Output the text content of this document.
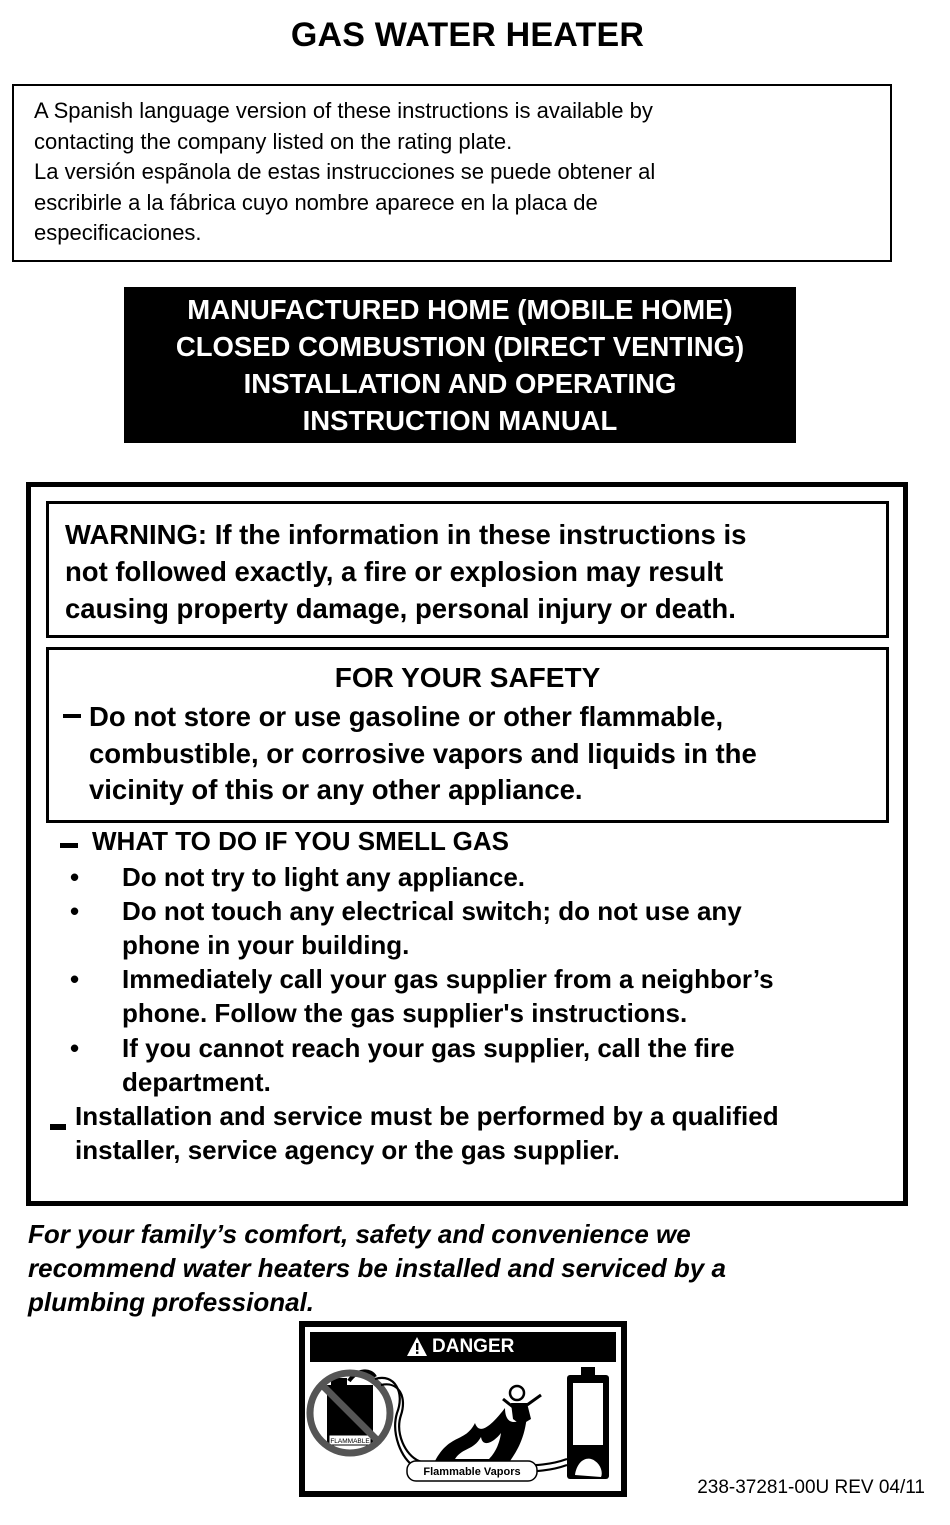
GAS WATER HEATER
A Spanish language version of these instructions is available by
contacting the company listed on the rating plate.
La versión espãnola de estas instrucciones se puede obtener al
escribirle a la fábrica cuyo nombre aparece en la placa de
especificaciones.
MANUFACTURED HOME (MOBILE HOME)
CLOSED COMBUSTION (DIRECT VENTING)
INSTALLATION AND OPERATING
INSTRUCTION MANUAL
WARNING: If the information in these instructions is
not followed exactly, a fire or explosion may result
causing property damage, personal injury or death.
FOR YOUR SAFETY
Do not store or use gasoline or other flammable,
combustible, or corrosive vapors and liquids in the
vicinity of this or any other appliance.
WHAT TO DO IF YOU SMELL GAS
•	Do not try to light any appliance.
•	Do not touch any electrical switch; do not use any
phone in your building.
•	Immediately call your gas supplier from a neighbor’s
phone. Follow the gas supplier's instructions.
•	If you cannot reach your gas supplier, call the fire
department.
Installation and service must be performed by a qualified
installer, service agency or the gas supplier.
For your family’s comfort, safety and convenience we
recommend water heaters be installed and serviced by a
plumbing professional.
DANGER
FLAMMABLE
Flammable Vapors
238-37281-00U REV 04/11
